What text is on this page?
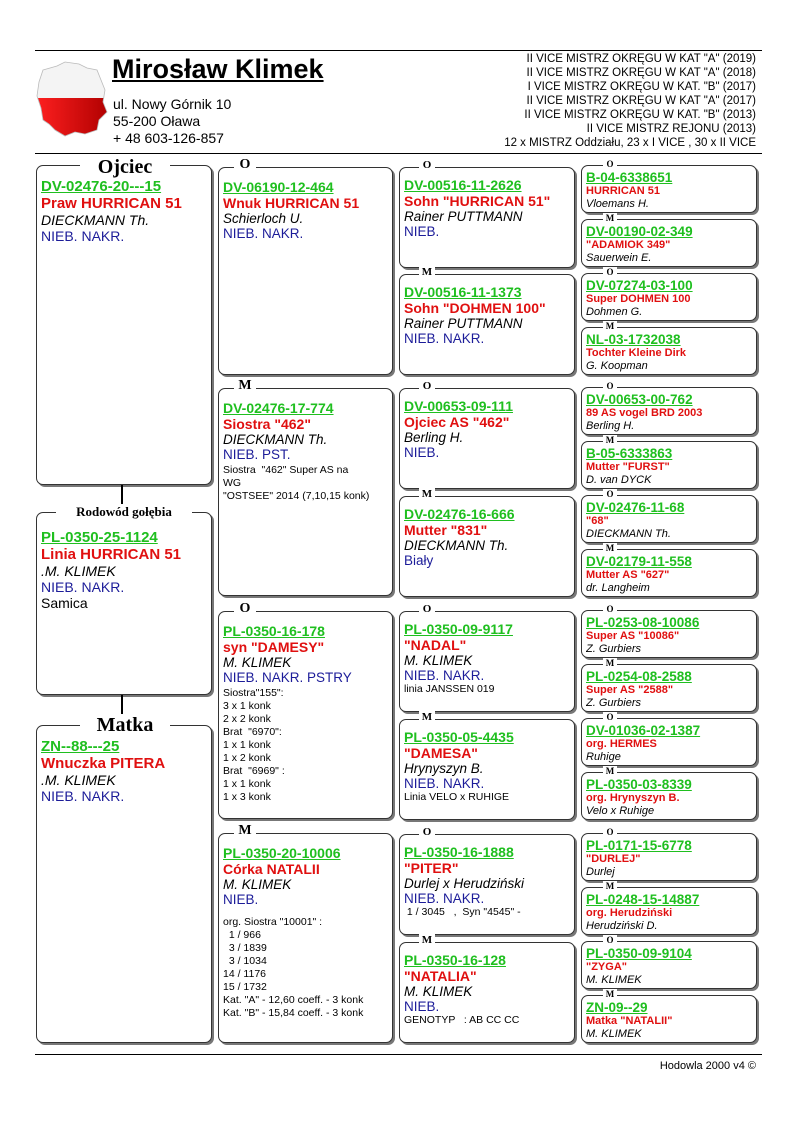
Mirosław Klimek
ul. Nowy Górnik 10
55-200 Oława
+ 48 603-126-857
II VICE MISTRZ OKRĘGU W KAT "A" (2019)
II VICE MISTRZ OKRĘGU W KAT "A" (2018)
I VICE MISTRZ OKRĘGU W KAT. "B" (2017)
II VICE MISTRZ OKRĘGU W KAT "A" (2017)
II VICE MISTRZ OKRĘGU W KAT. "B" (2013)
II VICE MISTRZ REJONU (2013)
12 x MISTRZ Oddziału, 23 x I VICE , 30 x II VICE
DV-02476-20---15
Praw HURRICAN 51
DIECKMANN Th.
NIEB. NAKR.
Ojciec
PL-0350-25-1124
Linia HURRICAN 51
.M. KLIMEK
NIEB. NAKR.
Samica
Rodowód gołębia
ZN--88---25
Wnuczka PITERA
.M. KLIMEK
NIEB. NAKR.
Matka
DV-06190-12-464
Wnuk HURRICAN 51
Schierloch U.
NIEB. NAKR.
O
DV-02476-17-774
Siostra "462"
DIECKMANN Th.
NIEB. PST.
Siostra  "462" Super AS na
WG
"OSTSEE" 2014 (7,10,15 konk)
M
PL-0350-16-178
syn "DAMESY"
M. KLIMEK
NIEB. NAKR. PSTRY
Siostra"155":
3 x 1 konk
2 x 2 konk
Brat  "6970":
1 x 1 konk
1 x 2 konk
Brat  "6969" :
1 x 1 konk
1 x 3 konk
O
PL-0350-20-10006
Córka NATALII
M. KLIMEK
NIEB.
org. Siostra "10001" :
1 / 966
3 / 1839
3 / 1034
14 / 1176
15 / 1732
Kat. "A" - 12,60 coeff. - 3 konk
Kat. "B" - 15,84 coeff. - 3 konk
M
DV-00516-11-2626
Sohn "HURRICAN 51"
Rainer PUTTMANN
NIEB.
O
DV-00516-11-1373
Sohn "DOHMEN 100"
Rainer PUTTMANN
NIEB. NAKR.
M
DV-00653-09-111
Ojciec AS "462"
Berling H.
NIEB.
O
DV-02476-16-666
Mutter "831"
DIECKMANN Th.
Biały
M
PL-0350-09-9117
"NADAL"
M. KLIMEK
NIEB. NAKR.
linia JANSSEN 019
O
PL-0350-05-4435
"DAMESA"
Hrynyszyn B.
NIEB. NAKR.
Linia VELO x RUHIGE
M
PL-0350-16-1888
"PITER"
Durlej x Herudziński
NIEB. NAKR.
1 / 3045   ,  Syn "4545" -
O
PL-0350-16-128
"NATALIA"
M. KLIMEK
NIEB.
GENOTYP   : AB CC CC
M
B-04-6338651
HURRICAN 51
Vloemans H.
O
DV-00190-02-349
"ADAMIOK 349"
Sauerwein E.
M
DV-07274-03-100
Super DOHMEN 100
Dohmen G.
O
NL-03-1732038
Tochter Kleine Dirk
G. Koopman
M
DV-00653-00-762
89 AS vogel BRD 2003
Berling H.
O
B-05-6333863
Mutter "FURST"
D. van DYCK
M
DV-02476-11-68
"68"
DIECKMANN Th.
O
DV-02179-11-558
Mutter AS "627"
dr. Langheim
M
PL-0253-08-10086
Super AS "10086"
Z. Gurbiers
O
PL-0254-08-2588
Super AS "2588"
Z. Gurbiers
M
DV-01036-02-1387
org. HERMES
Ruhige
O
PL-0350-03-8339
org. Hrynyszyn B.
Velo x Ruhige
M
PL-0171-15-6778
"DURLEJ"
Durlej
O
PL-0248-15-14887
org. Herudziński
Herudziński D.
M
PL-0350-09-9104
"ZYGA"
M. KLIMEK
O
ZN-09--29
Matka "NATALII"
M. KLIMEK
M
Hodowla 2000 v4 ©
